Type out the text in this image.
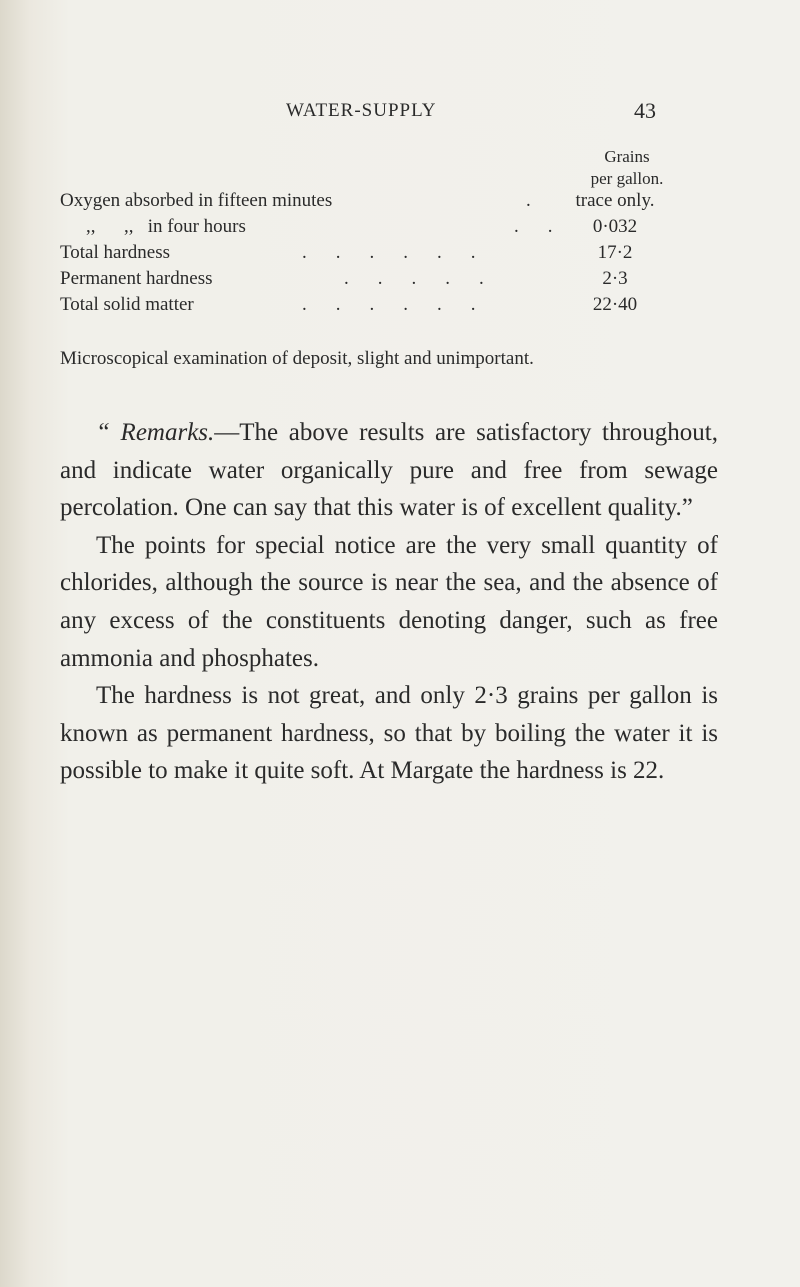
WATER-SUPPLY	43
Grains
per gallon.
Oxygen absorbed in fifteen minutes	.	trace only.
,,      ,,   in four hours	.    .	0·032
Total hardness	.    .    .    .    .    .	17·2
Permanent hardness	.    .    .    .    .	2·3
Total solid matter	.    .    .    .    .    .	22·40
Microscopical examination of deposit, slight and unimportant.

“ Remarks.—The above results are satisfactory throughout, and indicate water organically pure and free from sewage percolation. One can say that this water is of excellent quality.”

The points for special notice are the very small quantity of chlorides, although the source is near the sea, and the absence of any excess of the constituents denoting danger, such as free ammonia and phosphates.

The hardness is not great, and only 2·3 grains per gallon is known as permanent hardness, so that by boiling the water it is possible to make it quite soft. At Margate the hardness is 22.
